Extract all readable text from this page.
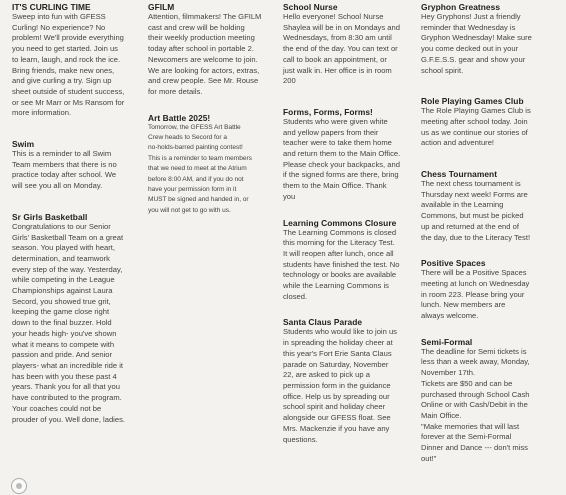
IT'S CURLING TIME

Sweep into fun with GFESS
Curling! No experience? No
problem! We'll provide everything
you need to get started. Join us
to learn, laugh, and rock the ice.
Bring friends, make new ones,
and give curling a try. Sign up
sheet outside of student success,
or see Mr Marr or Ms Ransom for
more information.

Swim

This is a reminder to all Swim
Team members that there is no
practice today after school. We
will see you all on Monday.

Sr Girls Basketball

Congratulations to our Senior
Girls' Basketball Team on a great
season. You played with heart,
determination, and teamwork
every step of the way. Yesterday,
while competing in the League
Championships against Laura
Secord, you showed true grit,
keeping the game close right
down to the final buzzer. Hold
your heads high- you've shown
what it means to compete with
passion and pride. And senior
players- what an incredible ride it
has been with you these past 4
years. Thank you for all that you
have contributed to the program.
Your coaches could not be
prouder of you. Well done, ladies.

GFILM

Attention, filmmakers! The GFILM
cast and crew will be holding
their weekly production meeting
today after school in portable 2.
Newcomers are welcome to join.
We are looking for actors, extras,
and crew people. See Mr. Rouse
for more details.

Art Battle 2025!

Tomorrow, the GFESS Art Battle
Crew heads to Secord for a
no-holds-barred painting contest!
This is a reminder to team members
that we need to meet at the Atrium
before 8:00 AM, and if you do not
have your permission form in it
MUST be signed and handed in, or
you will not get to go with us.

School Nurse

Hello everyone! School Nurse
Shaylea will be in on Mondays and
Wednesdays, from 8:30 am until
the end of the day. You can text or
call to book an appointment, or
just walk in. Her office is in room
200

Forms, Forms, Forms!

Students who were given white
and yellow papers from their
teacher were to take them home
and return them to the Main Office.
Please check your backpacks, and
if the signed forms are there, bring
them to the Main Office. Thank
you

Learning Commons Closure

The Learning Commons is closed
this morning for the Literacy Test.
It will reopen after lunch, once all
students have finished the test. No
technology or books are available
while the Learning Commons is
closed.

Santa Claus Parade

Students who would like to join us
in spreading the holiday cheer at
this year's Fort Erie Santa Claus
parade on Saturday, November
22, are asked to pick up a
permission form in the guidance
office. Help us by spreading our
school spirit and holiday cheer
alongside our GFESS float. See
Mrs. Mackenzie if you have any
questions.

Gryphon Greatness

Hey Gryphons! Just a friendly
reminder that Wednesday is
Gryphon Wednesday! Make sure
you come decked out in your
G.F.E.S.S. gear and show your
school spirit.

Role Playing Games Club

The Role Playing Games Club is
meeting after school today. Join
us as we continue our stories of
action and adventure!

Chess Tournament

The next chess tournament is
Thursday next week! Forms are
available in the Learning
Commons, but must be picked
up and returned at the end of
the day, due to the Literacy Test!

Positive Spaces

There will be a Positive Spaces
meeting at lunch on Wednesday
in room 223. Please bring your
lunch. New members are
always welcome.

Semi-Formal

The deadline for Semi tickets is
less than a week away, Monday,
November 17th.
Tickets are $50 and can be
purchased through School Cash
Online or with Cash/Debit in the
Main Office.
"Make memories that will last
forever at the Semi-Formal
Dinner and Dance --- don't miss
out!"
